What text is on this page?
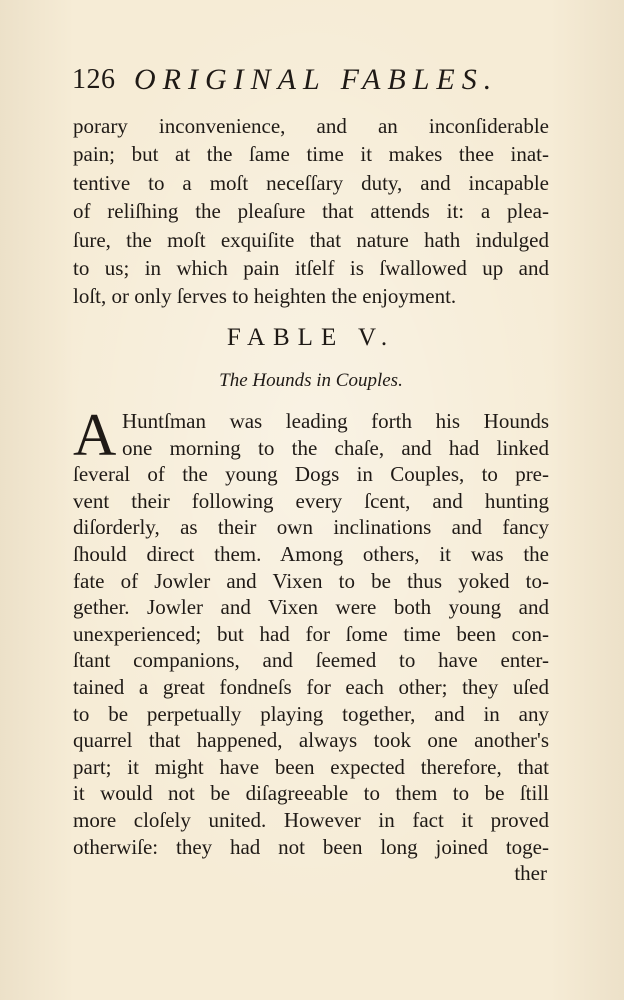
126 ORIGINAL FABLES.
porary inconvenience, and an inconſiderable
pain; but at the ſame time it makes thee inat-
tentive to a moſt neceſſary duty, and incapable
of reliſhing the pleaſure that attends it: a plea-
ſure, the moſt exquiſite that nature hath indulged
to us; in which pain itſelf is ſwallowed up and
loſt, or only ſerves to heighten the enjoyment.
FABLE V.
The Hounds in Couples.
A Huntſman was leading forth his Hounds
one morning to the chaſe, and had linked
ſeveral of the young Dogs in Couples, to pre-
vent their following every ſcent, and hunting
diſorderly, as their own inclinations and fancy
ſhould direct them. Among others, it was the
fate of Jowler and Vixen to be thus yoked to-
gether. Jowler and Vixen were both young and
unexperienced; but had for ſome time been con-
ſtant companions, and ſeemed to have enter-
tained a great fondneſs for each other; they uſed
to be perpetually playing together, and in any
quarrel that happened, always took one another's
part; it might have been expected therefore, that
it would not be diſagreeable to them to be ſtill
more cloſely united. However in fact it proved
otherwiſe: they had not been long joined toge-
ther
